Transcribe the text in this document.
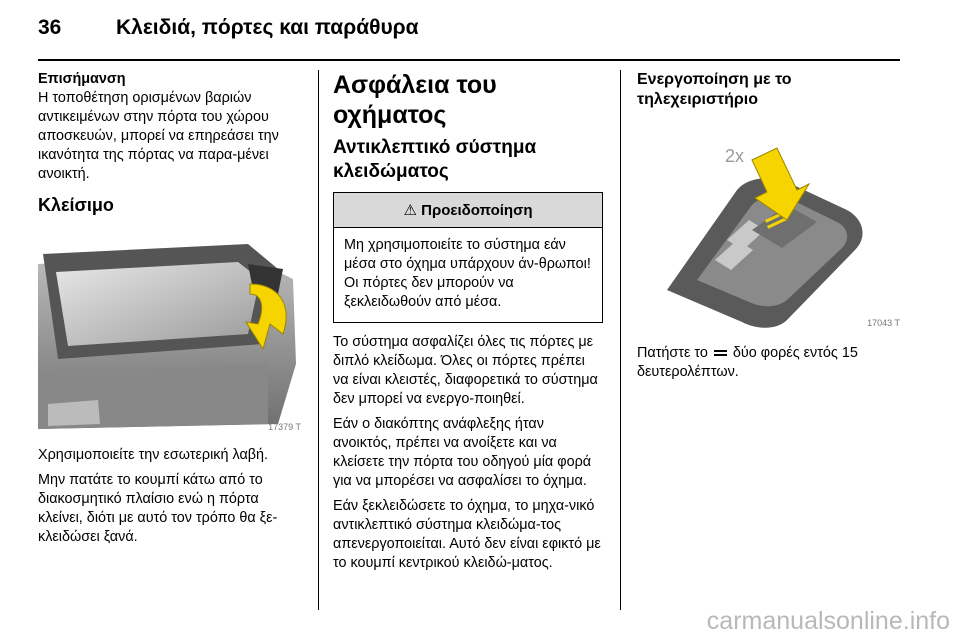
36	Κλειδιά, πόρτες και παράθυρα

Επισήμανση

Η τοποθέτηση ορισμένων βαριών αντικειμένων στην πόρτα του χώρου αποσκευών, μπορεί να επηρεάσει την ικανότητα της πόρτας να παρα-μένει ανοικτή.

Κλείσιμο
17379 T

Χρησιμοποιείτε την εσωτερική λαβή.

Μην πατάτε το κουμπί κάτω από το διακοσμητικό πλαίσιο ενώ η πόρτα κλείνει, διότι με αυτό τον τρόπο θα ξε-κλειδώσει ξανά.

Ασφάλεια του οχήματος
Αντικλεπτικό σύστημα κλειδώματος
⚠ Προειδοποίηση
Μη χρησιμοποιείτε το σύστημα εάν μέσα στο όχημα υπάρχουν άν-θρωποι! Οι πόρτες δεν μπορούν να ξεκλειδωθούν από μέσα.

Το σύστημα ασφαλίζει όλες τις πόρτες με διπλό κλείδωμα. Όλες οι πόρτες πρέπει να είναι κλειστές, διαφορετικά το σύστημα δεν μπορεί να ενεργο-ποιηθεί.

Εάν ο διακόπτης ανάφλεξης ήταν ανοικτός, πρέπει να ανοίξετε και να κλείσετε την πόρτα του οδηγού μία φορά για να μπορέσει να ασφαλίσει το όχημα.

Εάν ξεκλειδώσετε το όχημα, το μηχα-νικό αντικλεπτικό σύστημα κλειδώμα-τος απενεργοποιείται. Αυτό δεν είναι εφικτό με το κουμπί κεντρικού κλειδώ-ματος.

Ενεργοποίηση με το τηλεχειριστήριο
2x
17043 T

Πατήστε το δύο φορές εντός 15 δευτερολέπτων.

carmanualsonline.info
